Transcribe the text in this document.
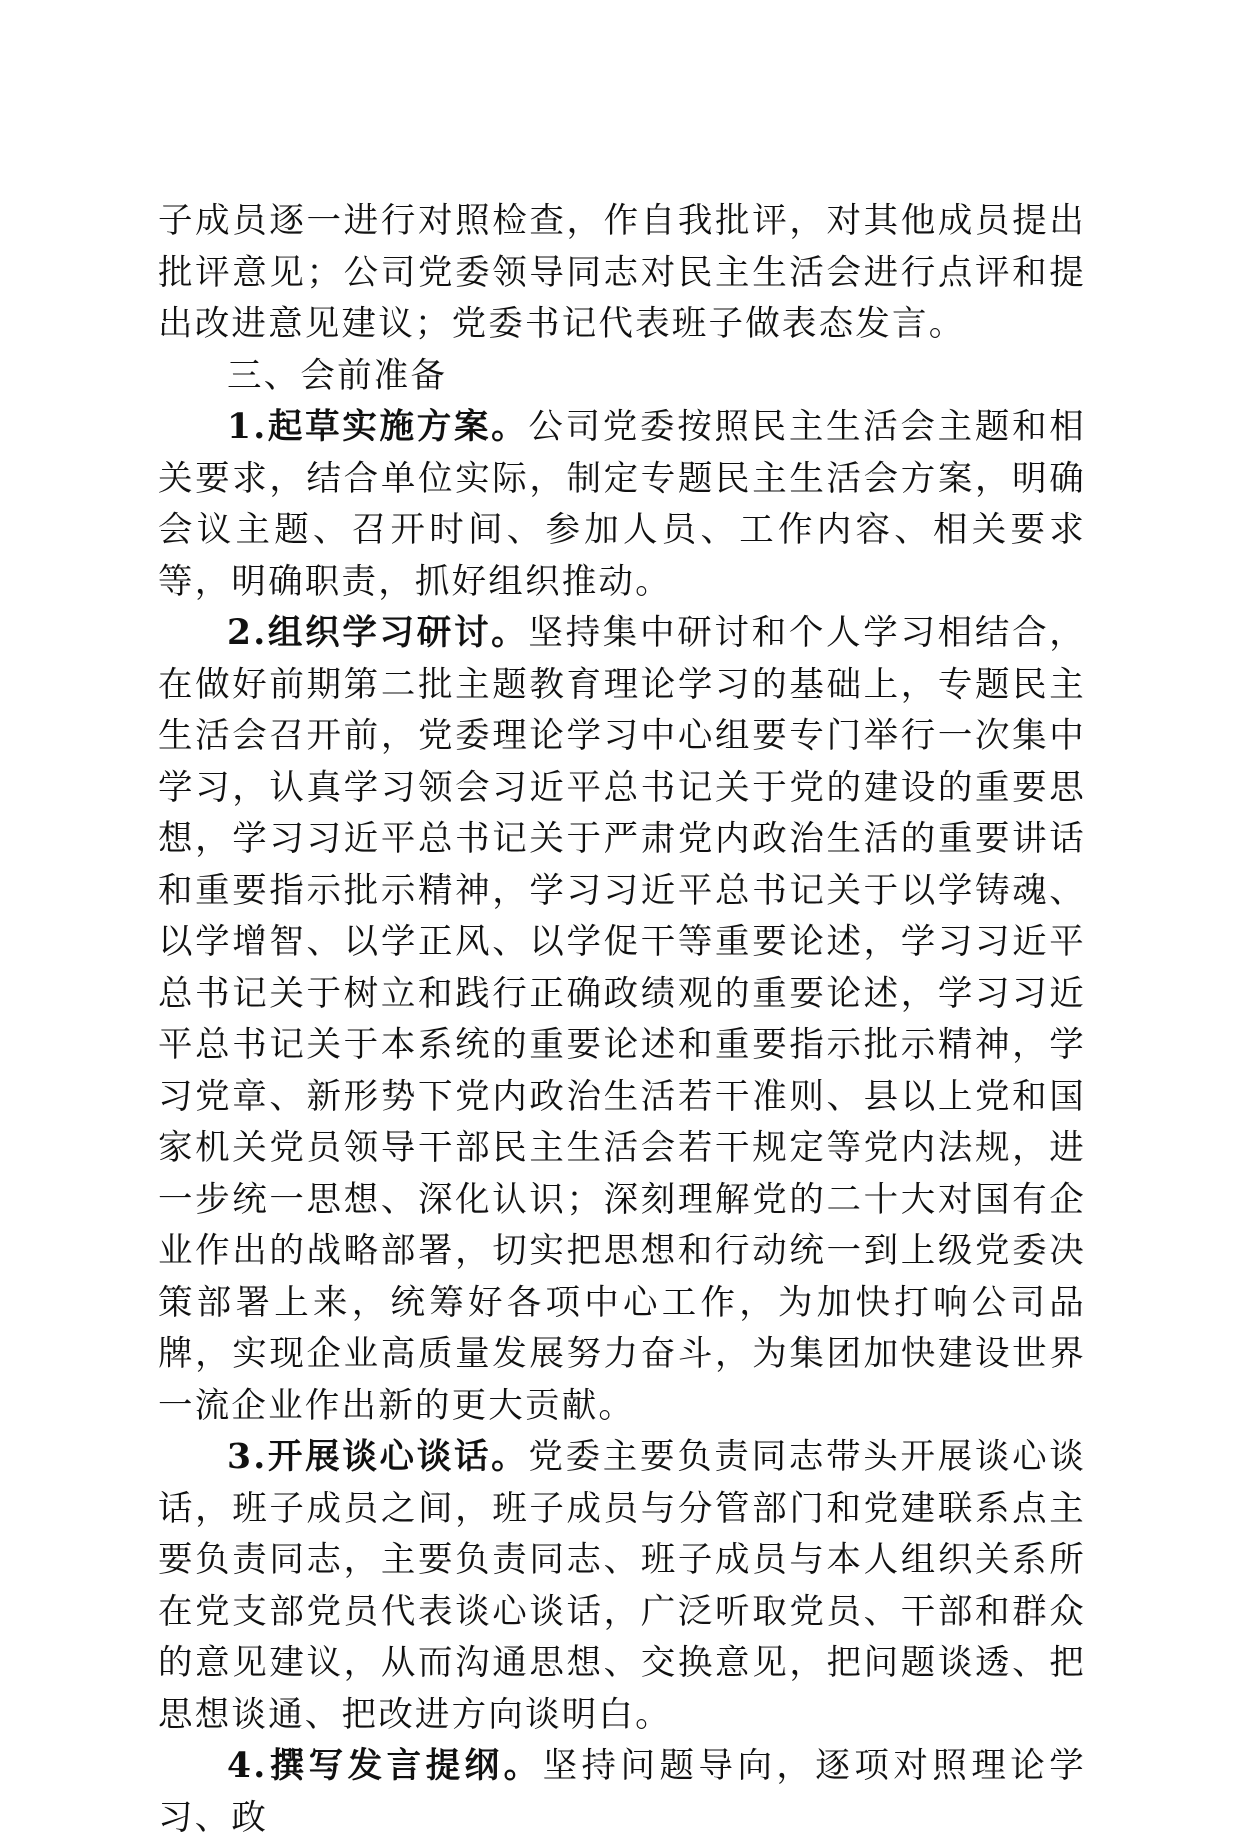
子成员逐一进行对照检查，作自我批评，对其他成员提出批评意见；公司党委领导同志对民主生活会进行点评和提出改进意见建议；党委书记代表班子做表态发言。

三、会前准备

1.起草实施方案。公司党委按照民主生活会主题和相关要求，结合单位实际，制定专题民主生活会方案，明确会议主题、召开时间、参加人员、工作内容、相关要求等，明确职责，抓好组织推动。

2.组织学习研讨。坚持集中研讨和个人学习相结合，在做好前期第二批主题教育理论学习的基础上，专题民主生活会召开前，党委理论学习中心组要专门举行一次集中学习，认真学习领会习近平总书记关于党的建设的重要思想，学习习近平总书记关于严肃党内政治生活的重要讲话和重要指示批示精神，学习习近平总书记关于以学铸魂、以学增智、以学正风、以学促干等重要论述，学习习近平总书记关于树立和践行正确政绩观的重要论述，学习习近平总书记关于本系统的重要论述和重要指示批示精神，学习党章、新形势下党内政治生活若干准则、县以上党和国家机关党员领导干部民主生活会若干规定等党内法规，进一步统一思想、深化认识；深刻理解党的二十大对国有企业作出的战略部署，切实把思想和行动统一到上级党委决策部署上来，统筹好各项中心工作，为加快打响公司品牌，实现企业高质量发展努力奋斗，为集团加快建设世界一流企业作出新的更大贡献。

3.开展谈心谈话。党委主要负责同志带头开展谈心谈话，班子成员之间，班子成员与分管部门和党建联系点主要负责同志，主要负责同志、班子成员与本人组织关系所在党支部党员代表谈心谈话，广泛听取党员、干部和群众的意见建议，从而沟通思想、交换意见，把问题谈透、把思想谈通、把改进方向谈明白。

4.撰写发言提纲。坚持问题导向，逐项对照理论学习、政
